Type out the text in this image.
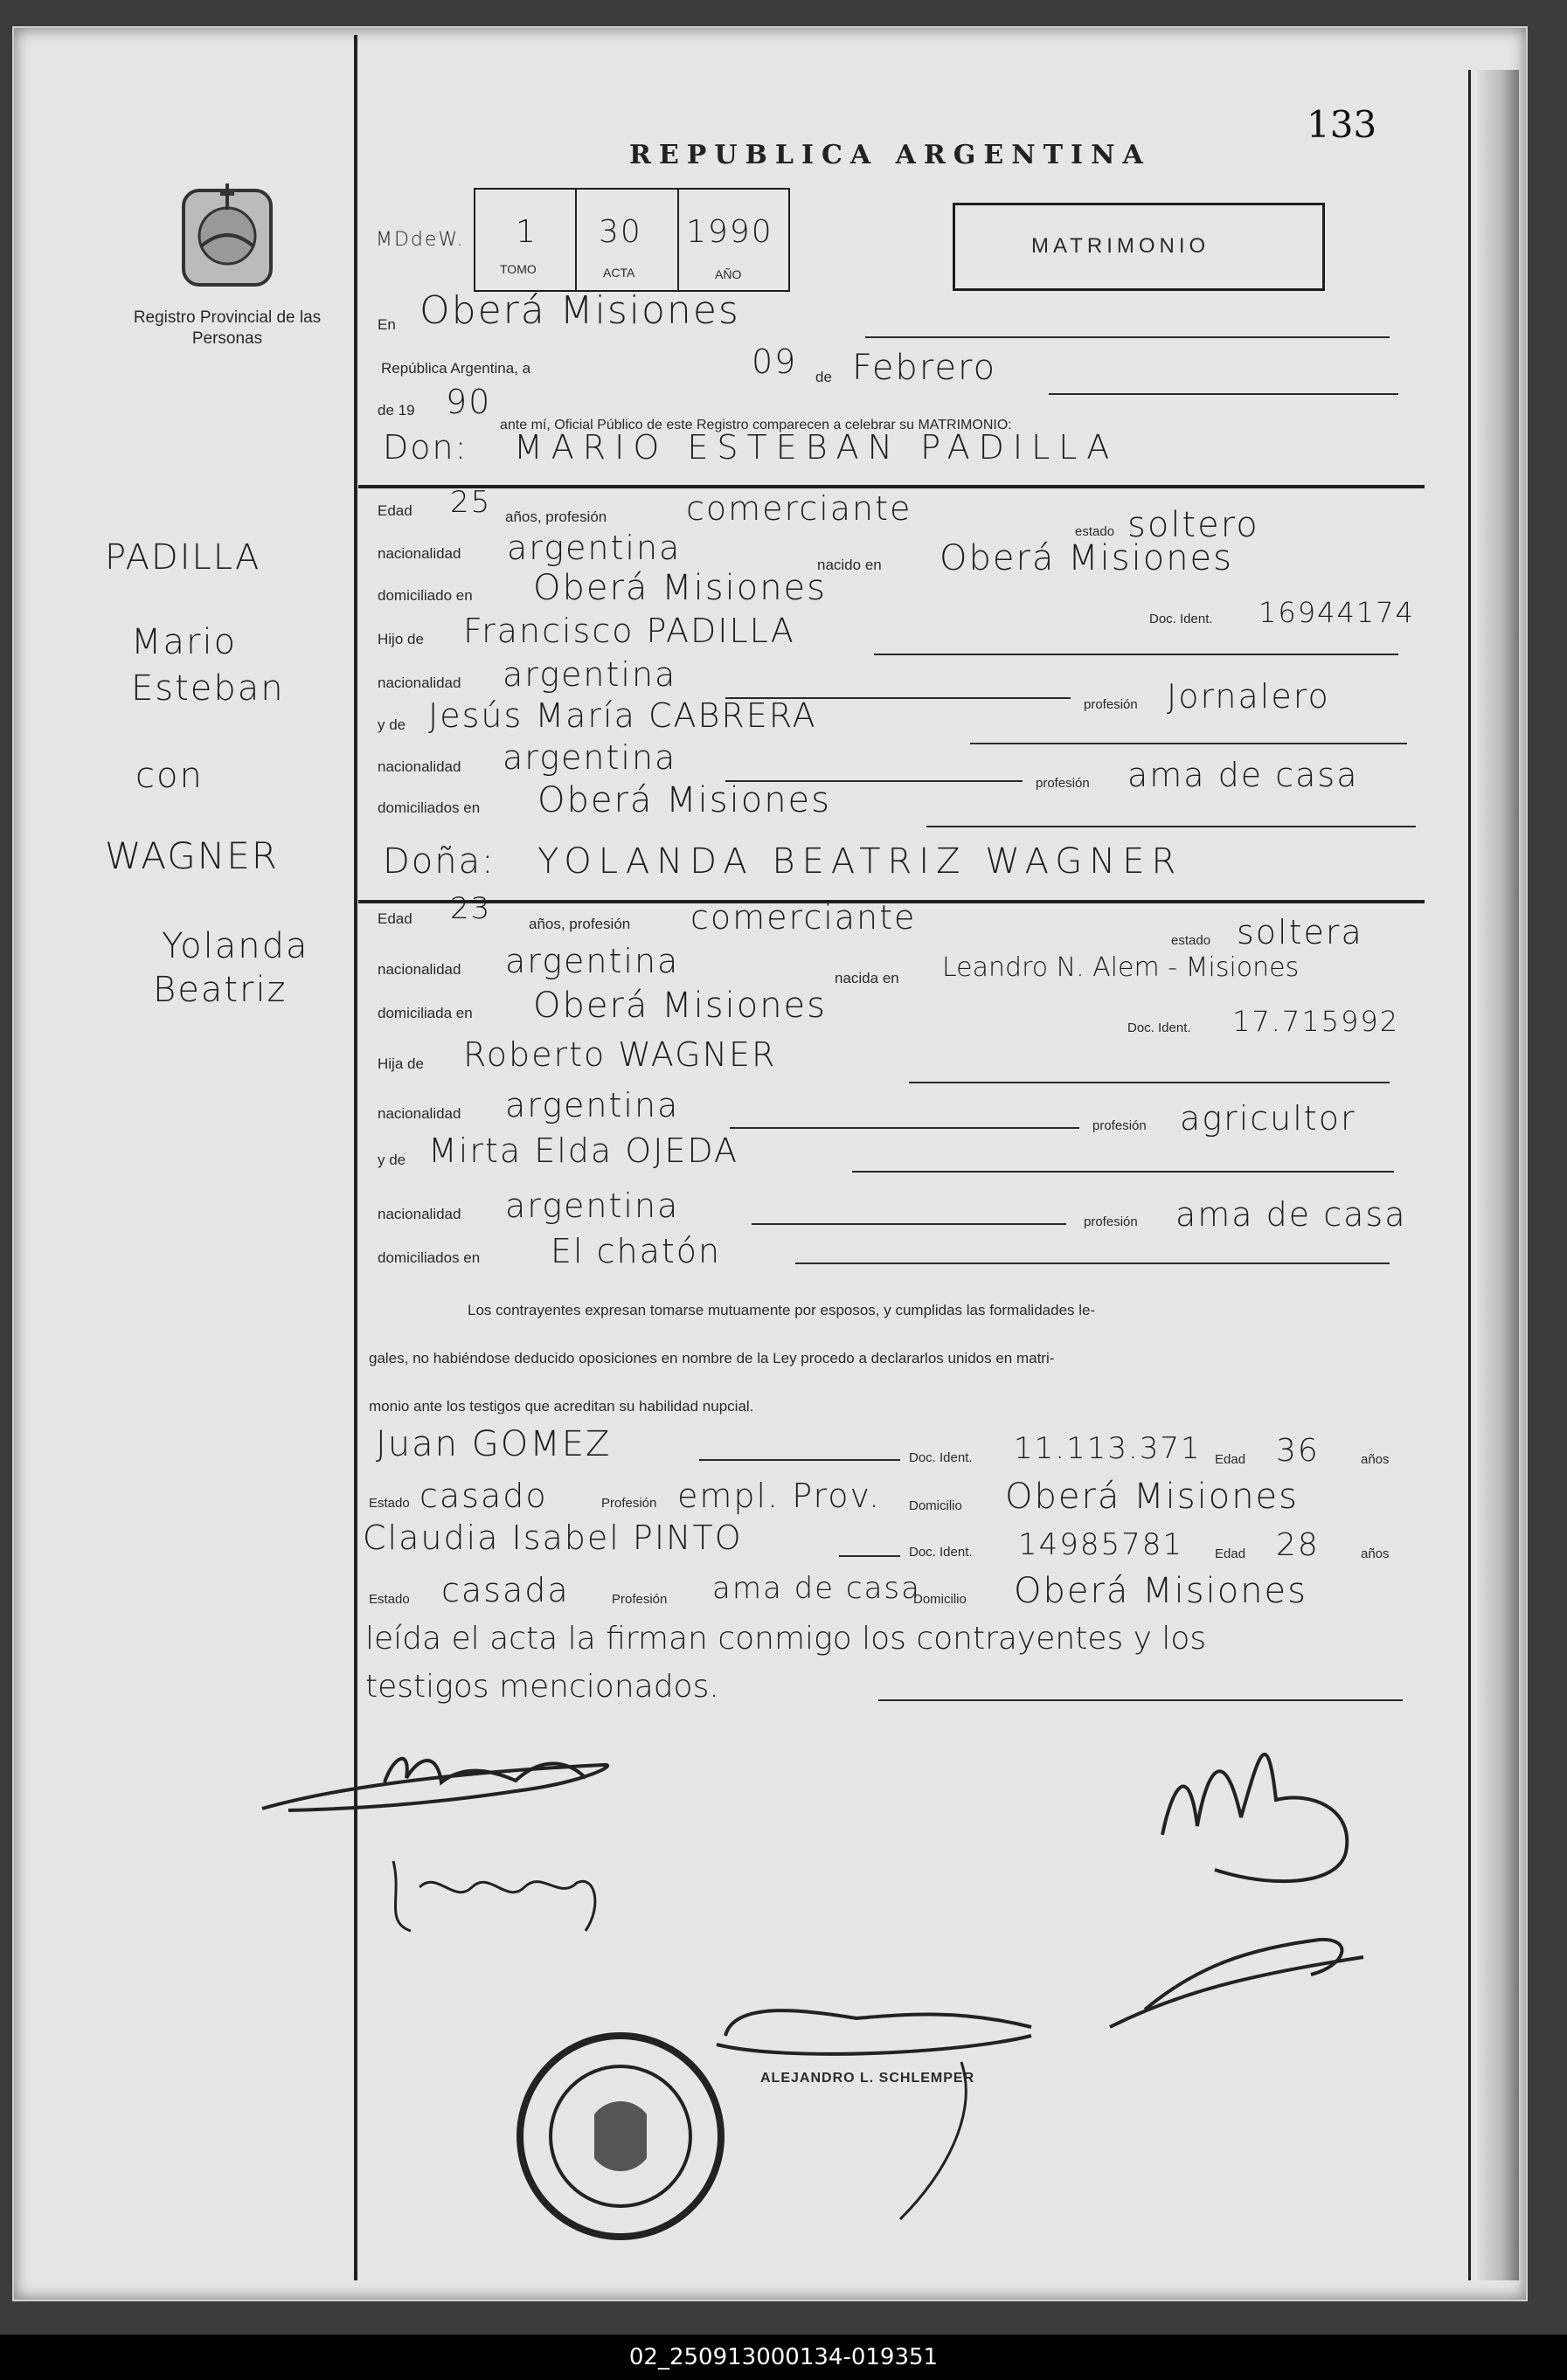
133
REPUBLICA ARGENTINA
Registro Provincial de las Personas
MDdeW. 1 30 1990
TOMO	ACTA	AÑO
MATRIMONIO
PADILLA
Mario
Esteban
con
WAGNER
Yolanda
Beatriz
En Oberá Misiones
República Argentina, a	09 de Febrero
de 19 90
ante mí, Oficial Público de este Registro comparecen a celebrar su MATRIMONIO:
Don: MARIO ESTEBAN PADILLA
Edad 25 años, profesión comerciante
estado soltero
nacionalidad argentina	nacido en Oberá Misiones
domiciliado en Oberá Misiones
Doc. Ident. 16944174
Hijo de Francisco PADILLA
nacionalidad argentina
profesión Jornalero
y de Jesús María CABRERA
nacionalidad argentina
profesión ama de casa
domiciliados en Oberá Misiones
Doña: YOLANDA BEATRIZ WAGNER
Edad 23	años, profesión comerciante
estado soltera
nacionalidad argentina	nacida en Leandro N. Alem - Misiones
domiciliada en Oberá Misiones
Doc. Ident. 17.715992
Hija de Roberto WAGNER
nacionalidad argentina
profesión agricultor
y de Mirta Elda OJEDA
nacionalidad argentina	profesión ama de casa
domiciliados en El chatón
Los contrayentes expresan tomarse mutuamente por esposos, y cumplidas las formalidades le-
gales, no habiéndose deducido oposiciones en nombre de la Ley procedo a declararlos unidos en matri-
monio ante los testigos que acreditan su habilidad nupcial.
Juan GOMEZ	Doc. Ident. 11.113.371 Edad 36	años
Estado casado	Profesión empl. Prov. Domicilio Oberá Misiones
Claudia Isabel PINTO	Doc. Ident. 14985781 Edad 28	años
Estado casada	Profesión ama de casa
Domicilio Oberá Misiones
leída el acta la firman conmigo los contrayentes y los
testigos mencionados.
ALEJANDRO L. SCHLEMPER
02_250913000134-019351
